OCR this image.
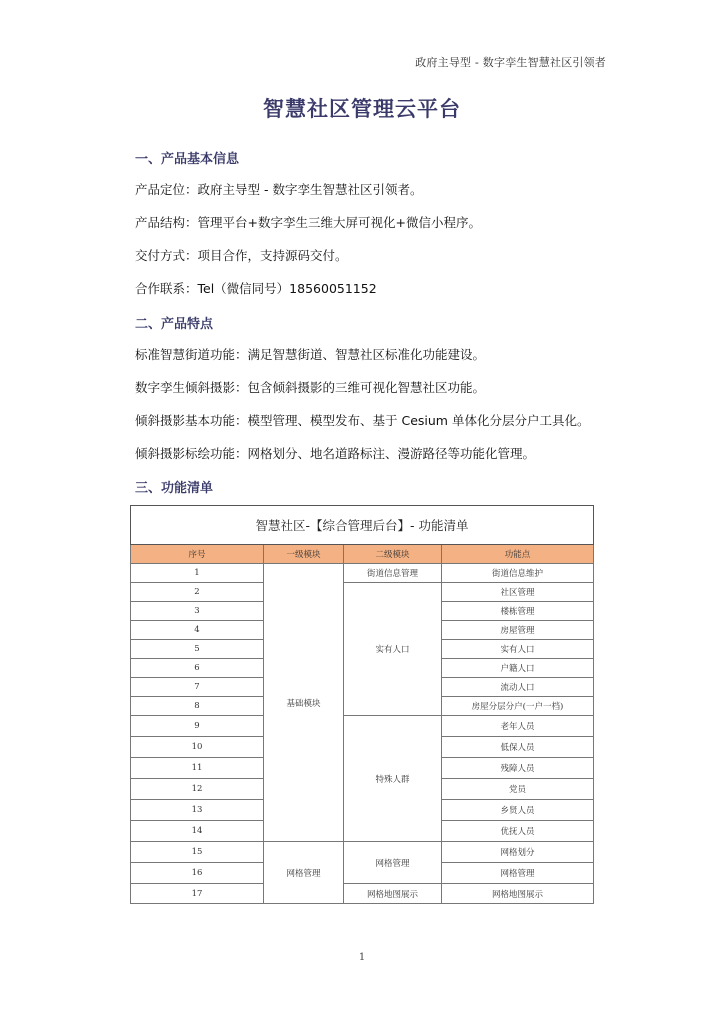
政府主导型 - 数字孪生智慧社区引领者
智慧社区管理云平台
一、产品基本信息
产品定位：政府主导型 - 数字孪生智慧社区引领者。
产品结构：管理平台+数字孪生三维大屏可视化+微信小程序。
交付方式：项目合作，支持源码交付。
合作联系：Tel（微信同号）18560051152
二、产品特点
标准智慧街道功能：满足智慧街道、智慧社区标准化功能建设。
数字孪生倾斜摄影：包含倾斜摄影的三维可视化智慧社区功能。
倾斜摄影基本功能：模型管理、模型发布、基于 Cesium 单体化分层分户工具化。
倾斜摄影标绘功能：网格划分、地名道路标注、漫游路径等功能化管理。
三、功能清单
智慧社区-【综合管理后台】- 功能清单			
序号	一级模块	二级模块	功能点
1	基础模块	街道信息管理	街道信息维护
2		实有人口	社区管理
3			楼栋管理
4			房屋管理
5			实有人口
6			户籍人口
7			流动人口
8			房屋分层分户(一户一档)
9		特殊人群	老年人员
10			低保人员
11			残障人员
12			党员
13			乡贤人员
14			优抚人员
15	网格管理	网格管理	网格划分
16			网格管理
17		网格地图展示	网格地图展示
1
